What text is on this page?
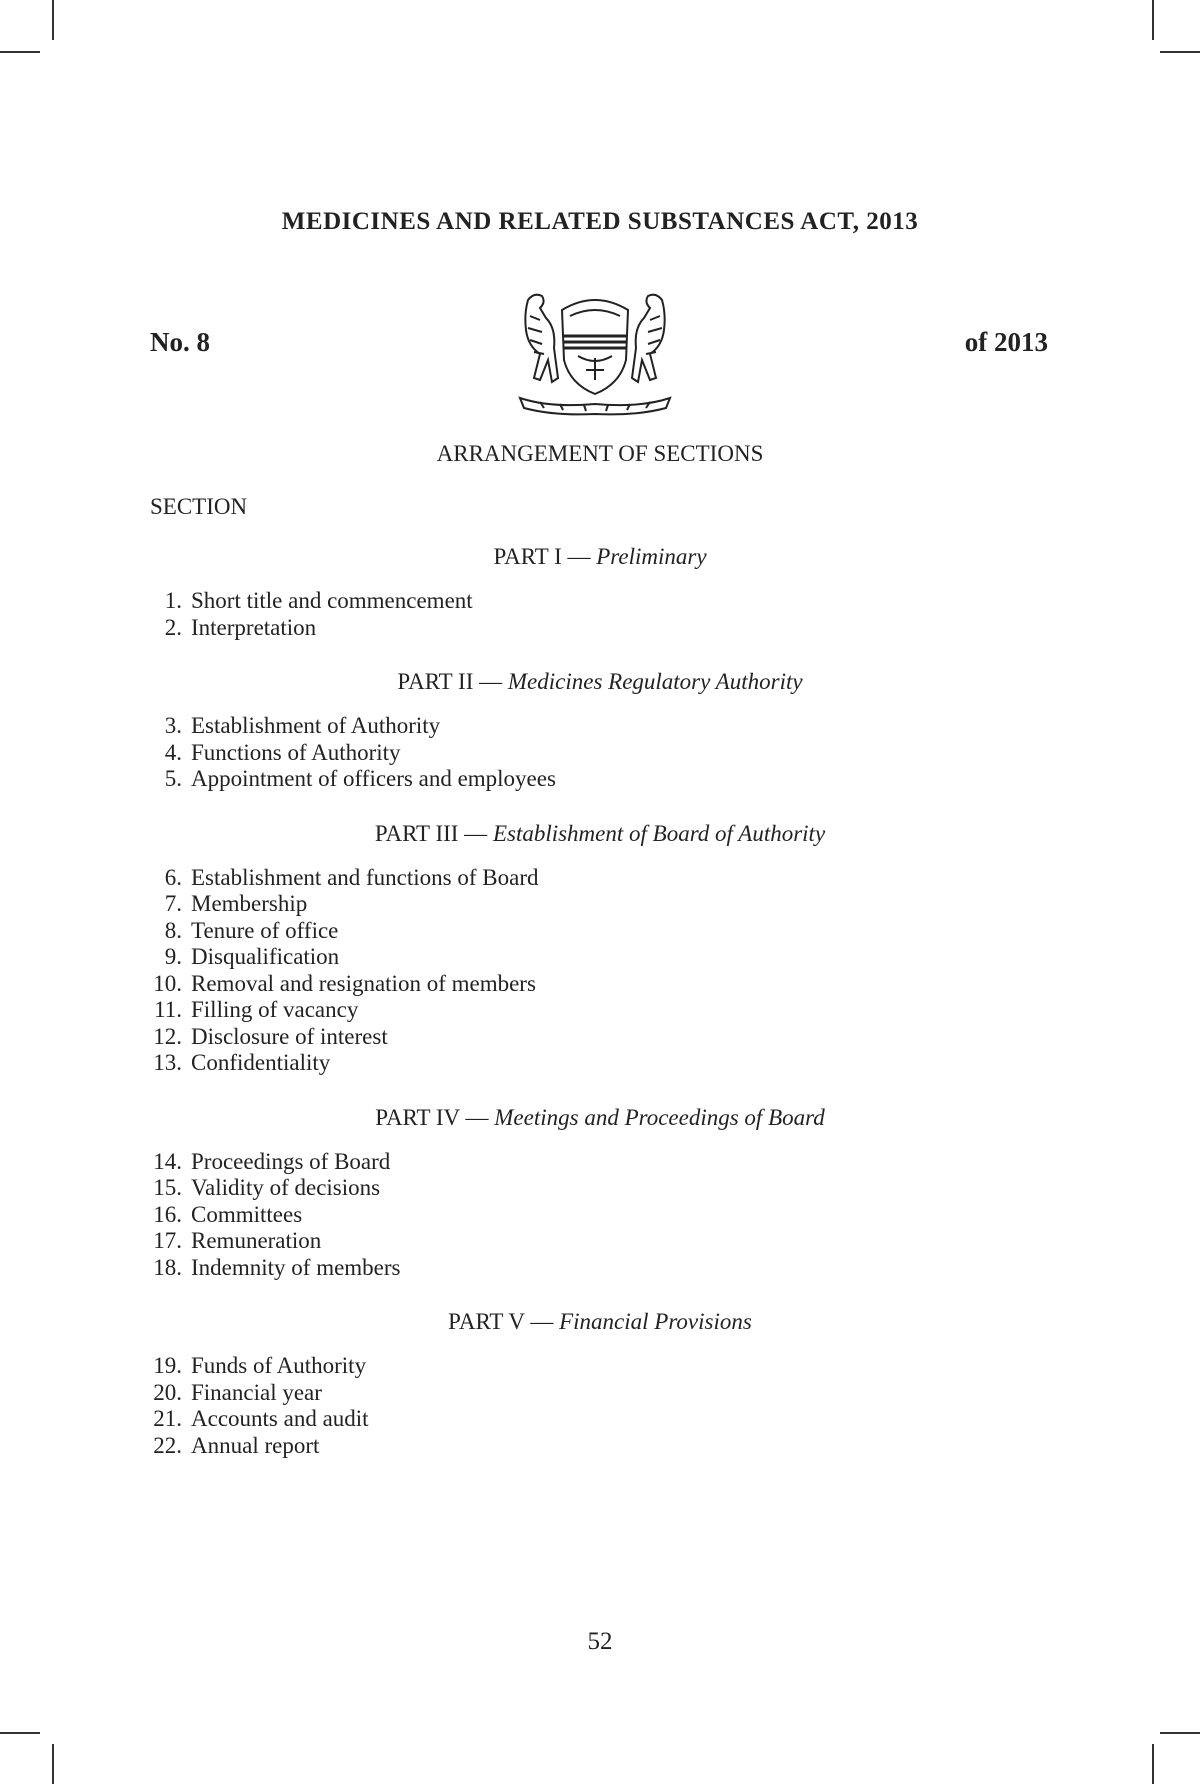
MEDICINES AND RELATED SUBSTANCES ACT, 2013
No. 8	of 2013
ARRANGEMENT OF SECTIONS
SECTION
PART I — Preliminary
1. Short title and commencement
2. Interpretation
PART II — Medicines Regulatory Authority
3. Establishment of Authority
4. Functions of Authority
5. Appointment of officers and employees
PART III — Establishment of Board of Authority
6. Establishment and functions of Board
7. Membership
8. Tenure of office
9. Disqualification
10. Removal and resignation of members
11. Filling of vacancy
12. Disclosure of interest
13. Confidentiality
PART IV — Meetings and Proceedings of Board
14. Proceedings of Board
15. Validity of decisions
16. Committees
17. Remuneration
18. Indemnity of members
PART V — Financial Provisions
19. Funds of Authority
20. Financial year
21. Accounts and audit
22. Annual report
52
